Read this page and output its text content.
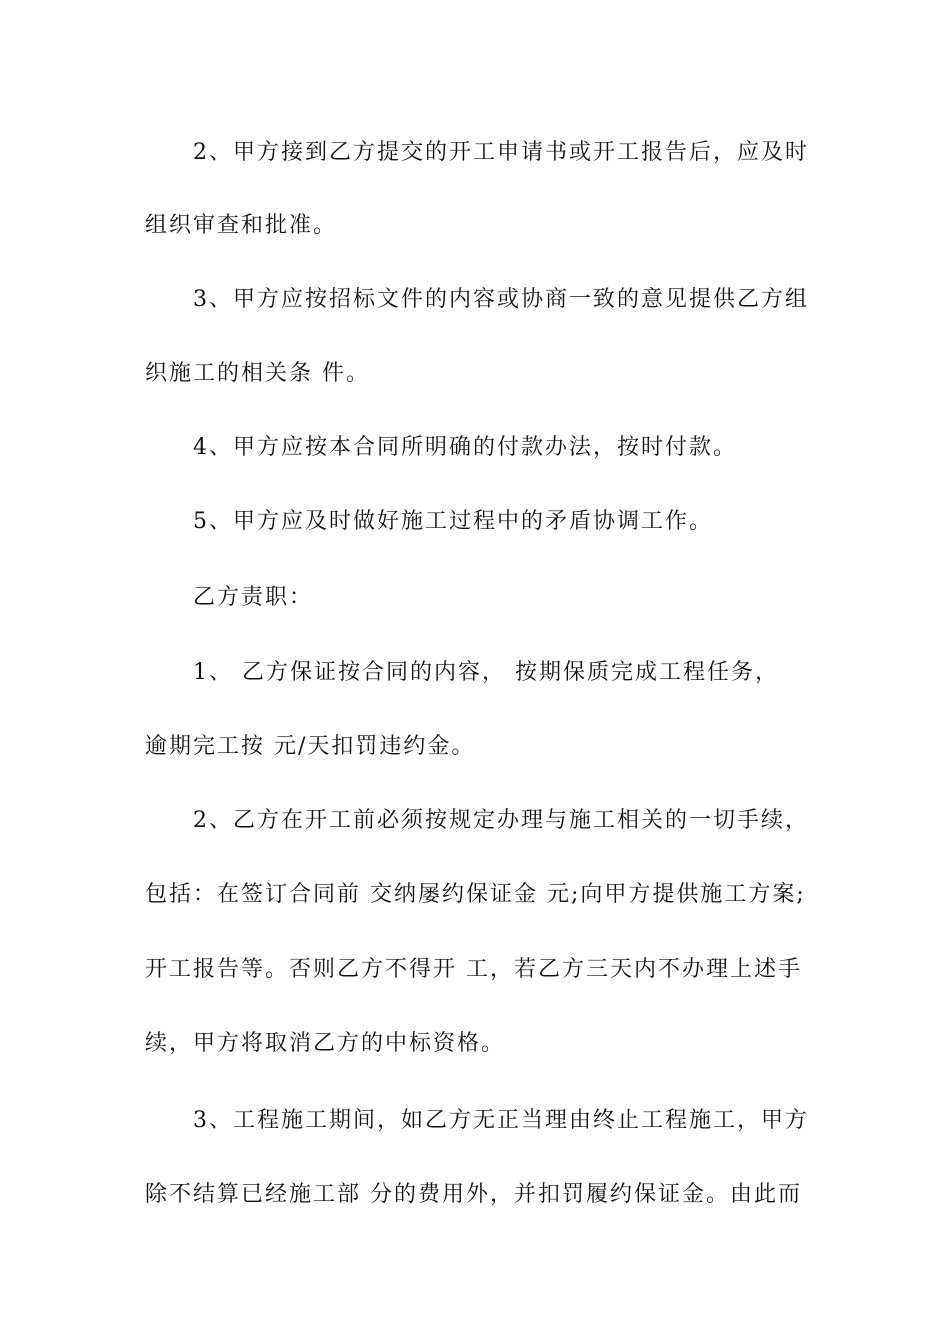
2、甲方接到乙方提交的开工申请书或开工报告后，应及时
组织审查和批准。
3、甲方应按招标文件的内容或协商一致的意见提供乙方组
织施工的相关条 件。
4、甲方应按本合同所明确的付款办法，按时付款。
5、甲方应及时做好施工过程中的矛盾协调工作。
乙方责职：
1、 乙方保证按合同的内容， 按期保质完成工程任务，
逾期完工按 元/天扣罚违约金。
2、乙方在开工前必须按规定办理与施工相关的一切手续，
包括：在签订合同前 交纳屡约保证金 元;向甲方提供施工方案;
开工报告等。否则乙方不得开 工，若乙方三天内不办理上述手
续，甲方将取消乙方的中标资格。
3、工程施工期间，如乙方无正当理由终止工程施工，甲方
除不结算已经施工部 分的费用外，并扣罚履约保证金。由此而
